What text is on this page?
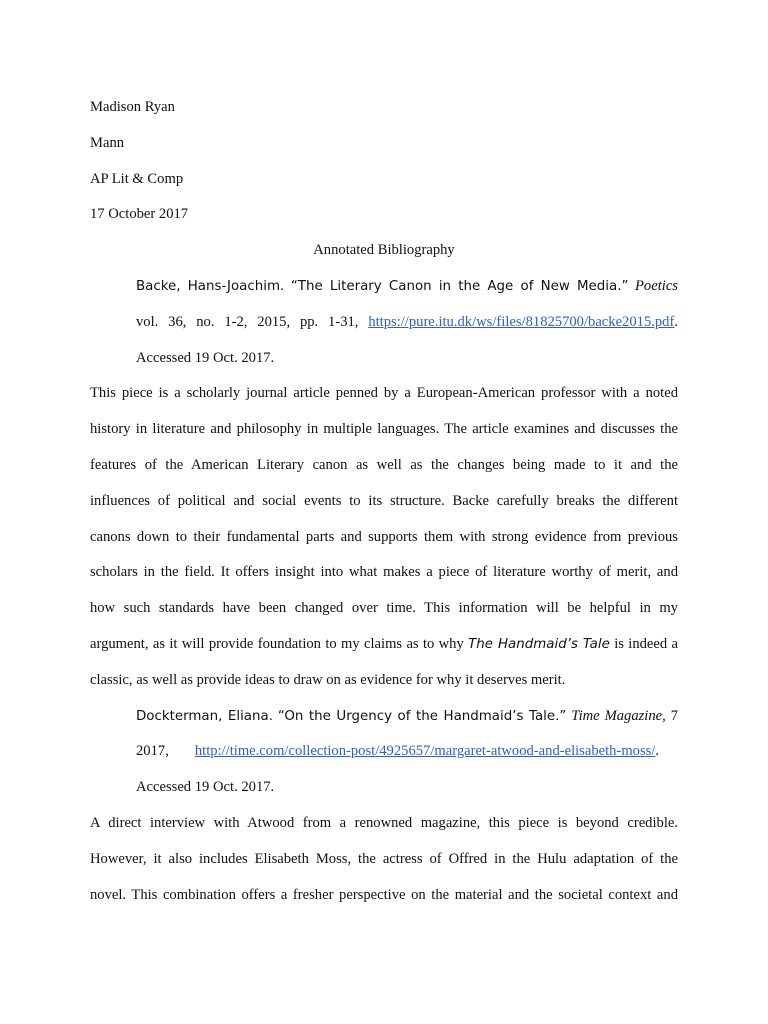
Madison Ryan
Mann
AP Lit & Comp
17 October 2017
Annotated Bibliography
Backe, Hans-Joachim. “The Literary Canon in the Age of New Media.” Poetics
vol. 36, no. 1-2, 2015, pp. 1-31, https://pure.itu.dk/ws/files/81825700/backe2015.pdf.
Accessed 19 Oct. 2017.
This piece is a scholarly journal article penned by a European-American professor with a noted
history in literature and philosophy in multiple languages. The article examines and discusses the
features of the American Literary canon as well as the changes being made to it and the
influences of political and social events to its structure. Backe carefully breaks the different
canons down to their fundamental parts and supports them with strong evidence from previous
scholars in the field. It offers insight into what makes a piece of literature worthy of merit, and
how such standards have been changed over time. This information will be helpful in my
argument, as it will provide foundation to my claims as to why The Handmaid’s Tale is indeed a
classic, as well as provide ideas to draw on as evidence for why it deserves merit.
Dockterman, Eliana. “On the Urgency of the Handmaid’s Tale.” Time Magazine, 7
2017, http://time.com/collection-post/4925657/margaret-atwood-and-elisabeth-moss/.
Accessed 19 Oct. 2017.
A direct interview with Atwood from a renowned magazine, this piece is beyond credible.
However, it also includes Elisabeth Moss, the actress of Offred in the Hulu adaptation of the
novel. This combination offers a fresher perspective on the material and the societal context and
